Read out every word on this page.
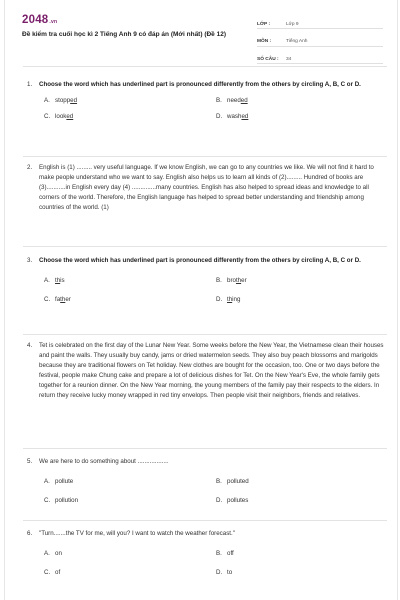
2048.vn
Đề kiểm tra cuối học kì 2 Tiếng Anh 9 có đáp án (Mới nhất) (Đề 12)
LỚP :	Lớp 9
MÔN :	Tiếng Anh
SỐ CÂU :	34
1.	Choose the word which has underlined part is pronounced differently from the others by circling A, B, C or D.
A. stopp ed	B. need ed
C. look ed	D. wash ed
2.	English is (1) ......... very useful language. If we know English, we can go to any countries we like. We will not find it hard to make people understand who we want to say. English also helps us to learn all kinds of (2)......... Hundred of books are (3)...........in English every day (4) ..............many countries. English has also helped to spread ideas and knowledge to all corners of the world. Therefore, the English language has helped to spread better understanding and friendship among countries of the world. (1)
3.	Choose the word which has underlined part is pronounced differently from the others by circling A, B, C or D.
A. th is	B. bro th er
C. fa th er	D. th ing
4.	Tet is celebrated on the first day of the Lunar New Year. Some weeks before the New Year, the Vietnamese clean their houses and paint the walls. They usually buy candy, jams or dried watermelon seeds. They also buy peach blossoms and marigolds because they are traditional flowers on Tet holiday. New clothes are bought for the occasion, too. One or two days before the festival, people make Chung cake and prepare a lot of delicious dishes for Tet. On the New Year's Eve, the whole family gets together for a reunion dinner. On the New Year morning, the young members of the family pay their respects to the elders. In return they receive lucky money wrapped in red tiny envelops. Then people visit their neighbors, friends and relatives.
5.	We are here to do something about ..................
A. pollute	B. polluted
C. pollution	D. pollutes
6.	"Turn.......the TV for me, will you? I want to watch the weather forecast."
A. on	B. off
C. of	D. to
